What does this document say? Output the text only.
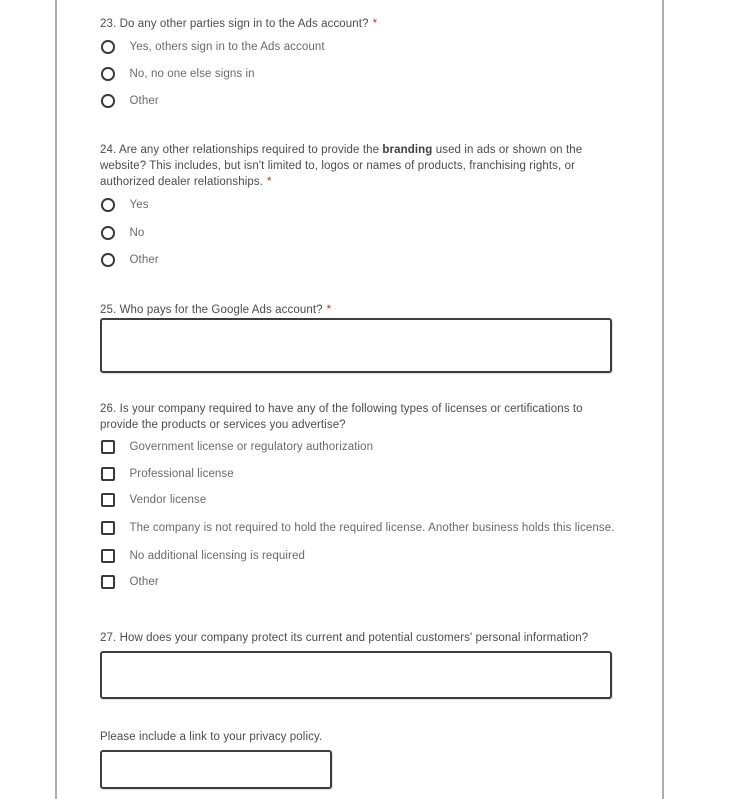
23. Do any other parties sign in to the Ads account? *
Yes, others sign in to the Ads account
No, no one else signs in
Other
24. Are any other relationships required to provide the branding used in ads or shown on the website? This includes, but isn't limited to, logos or names of products, franchising rights, or authorized dealer relationships. *
Yes
No
Other
25. Who pays for the Google Ads account? *
26. Is your company required to have any of the following types of licenses or certifications to provide the products or services you advertise?
Government license or regulatory authorization
Professional license
Vendor license
The company is not required to hold the required license. Another business holds this license.
No additional licensing is required
Other
27. How does your company protect its current and potential customers' personal information?
Please include a link to your privacy policy.
